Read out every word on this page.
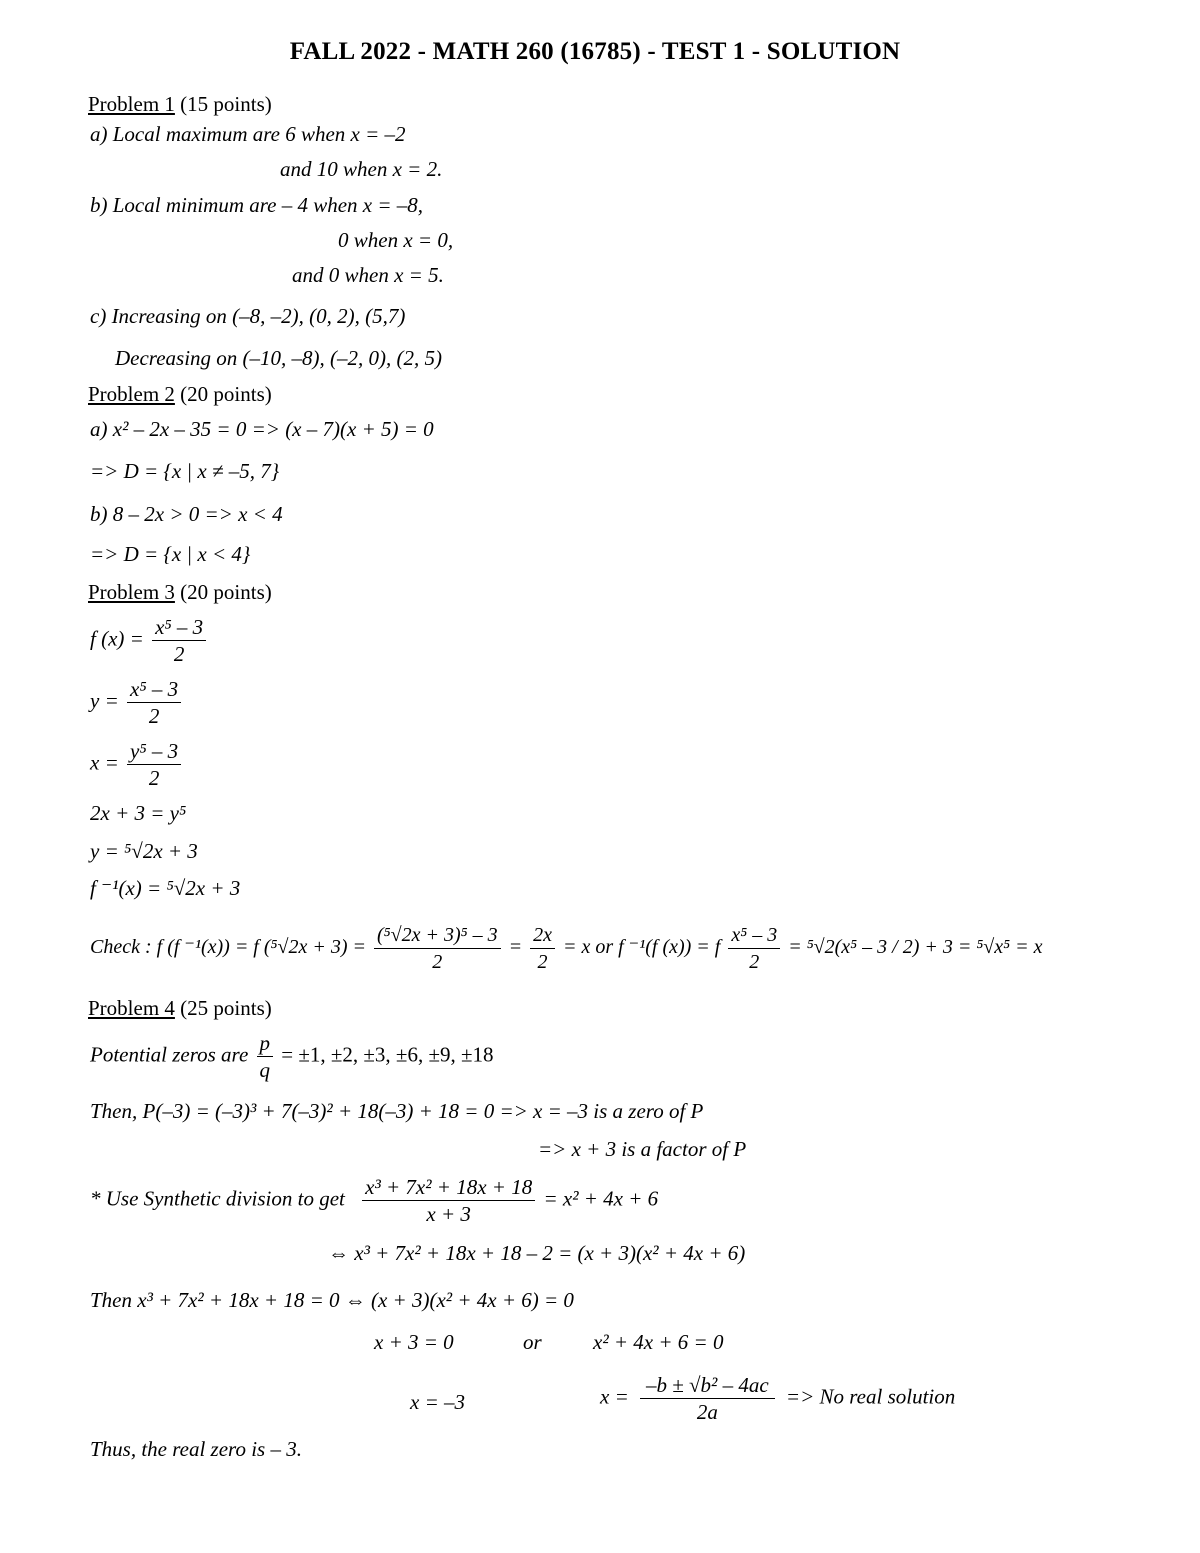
FALL 2022 - MATH 260 (16785) - TEST 1 - SOLUTION
Problem 1 (15 points)
a) Local maximum are 6 when x = –2
and 10 when x = 2.
b) Local minimum are – 4 when x = –8,
0 when x = 0,
and 0 when x = 5.
c) Increasing on (–8, –2), (0, 2), (5,7)
Decreasing on (–10, –8), (–2, 0), (2, 5)
Problem 2 (20 points)
a) x² – 2x – 35 = 0 => (x – 7)(x + 5) = 0
=> D = {x | x ≠ –5, 7}
b) 8 – 2x > 0 => x < 4
=> D = {x | x < 4}
Problem 3 (20 points)
f $(x) = \frac{\text{x⁵ – 3}}{2}$
$y = \frac{\text{x⁵ – 3}}{2}$
$x = \frac{\text{y⁵ – 3}}{2}$
2x + 3 = y⁵
y = ⁵√2x + 3
f ⁻¹(x) = ⁵√2x + 3
Check : f (f ⁻¹(x)) = f $(^5√2x + 3) = \frac{\text{(⁵√2x + 3)⁵ – 3}}{2} = \frac{2x}{2} = x$ or f ⁻¹(f (x)) = f $\frac{\text{x⁵ – 3}}{2} = ^5√2(x^5 - 3 / 2) + 3 = ^5√x^5 = x$
Problem 4 (25 points)
Potential zeros are $\frac{p}{q} = \pm 1$, ±2, ±3, ±6, ±9, ±18
Then, P(–3) = (–3)³ + 7(–3)² + 18(–3) + 18 = 0 => x = –3 is a zero of P
=> x + 3 is a factor of P
* Use Synthetic division to get $\frac{\text{x³ + 7x² + 18x + 18}}{x + 3} = x^2 + 4x + 6$
⇔ x³ + 7x² + 18x + 18 – 2 = (x + 3)(x² + 4x + 6)
Then x³ + 7x² + 18x + 18 = 0 ⇔ (x + 3)(x² + 4x + 6) = 0
x + 3 = 0	or x² + 4x + 6 = 0
x = –3	$x = \frac{\text{–b ± √b² – 4ac}}{2a} => No$ real solution
Thus, the real zero is – 3.
